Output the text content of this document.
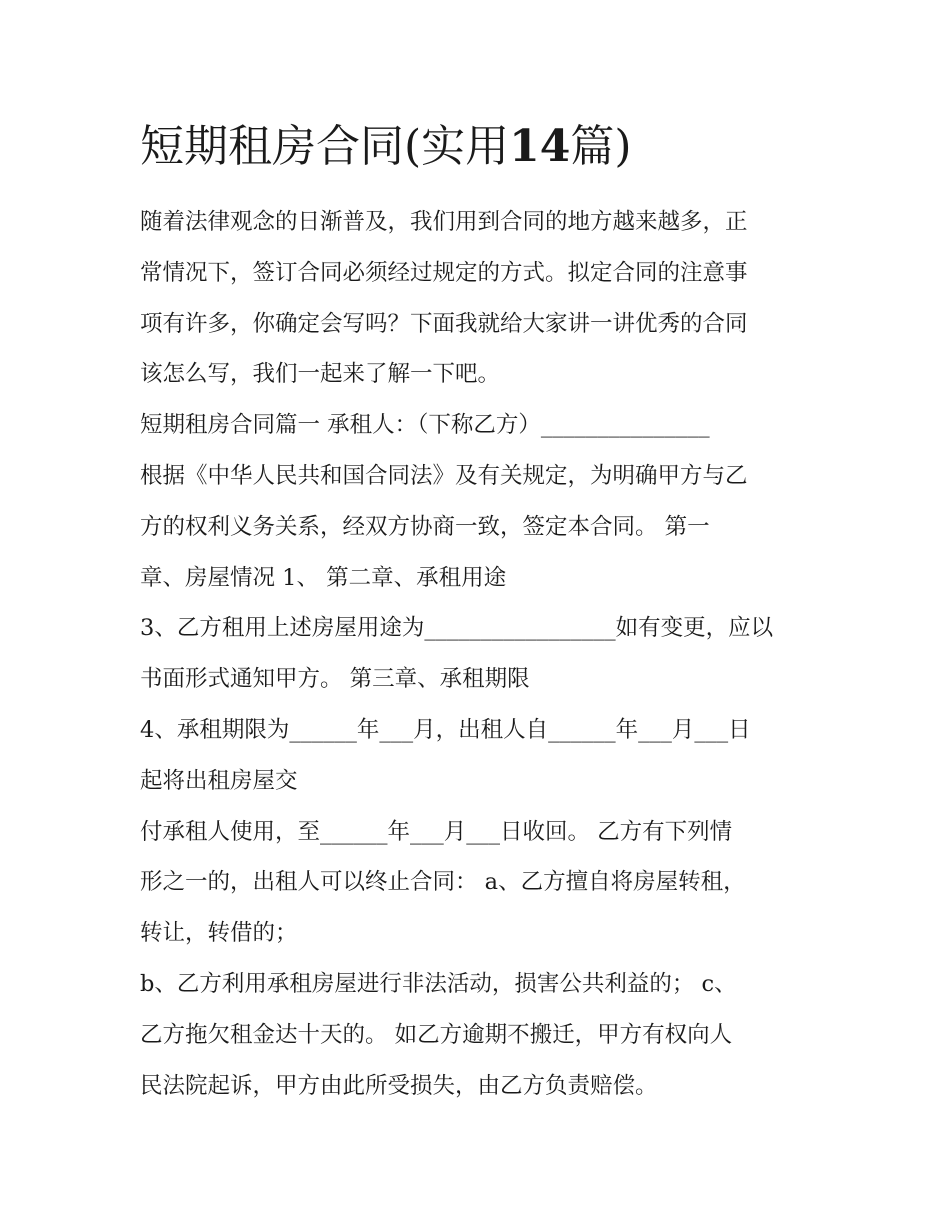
短期租房合同(实用14篇)

随着法律观念的日渐普及，我们用到合同的地方越来越多，正

常情况下，签订合同必须经过规定的方式。拟定合同的注意事

项有许多，你确定会写吗？下面我就给大家讲一讲优秀的合同

该怎么写，我们一起来了解一下吧。

短期租房合同篇一 承租人：（下称乙方）_______________

根据《中华人民共和国合同法》及有关规定，为明确甲方与乙

方的权利义务关系，经双方协商一致，签定本合同。 第一

章、房屋情况 1、 第二章、承租用途

3、乙方租用上述房屋用途为_________________如有变更，应以

书面形式通知甲方。 第三章、承租期限

4、承租期限为______年___月，出租人自______年___月___日

起将出租房屋交

付承租人使用，至______年___月___日收回。 乙方有下列情

形之一的，出租人可以终止合同： a、乙方擅自将房屋转租，

转让，转借的；

b、乙方利用承租房屋进行非法活动，损害公共利益的； c、

乙方拖欠租金达十天的。 如乙方逾期不搬迁，甲方有权向人

民法院起诉，甲方由此所受损失，由乙方负责赔偿。
